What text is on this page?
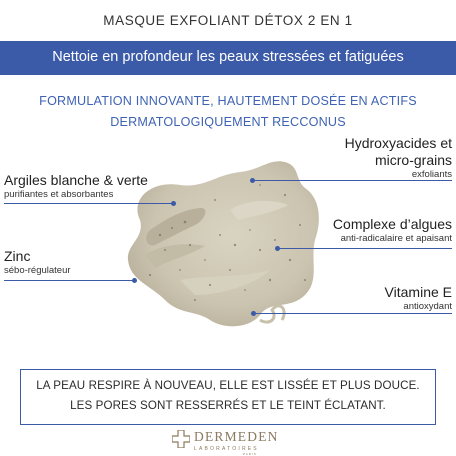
MASQUE EXFOLIANT DÉTOX 2 EN 1
Nettoie en profondeur les peaux stressées et fatiguées
FORMULATION INNOVANTE, HAUTEMENT DOSÉE EN ACTIFS
DERMATOLOGIQUEMENT RECCONUS
Argiles blanche & verte
purifiantes et absorbantes
Zinc
sébo-régulateur
Hydroxyacides et
micro-grains
exfoliants
Complexe d’algues
anti-radicalaire et apaisant
Vitamine E
antioxydant
LA PEAU RESPIRE À NOUVEAU, ELLE EST LISSÉE ET PLUS DOUCE.
LES PORES SONT RESSERRÉS ET LE TEINT ÉCLATANT.
DERMEDEN
LABORATOIRES
PARIS
